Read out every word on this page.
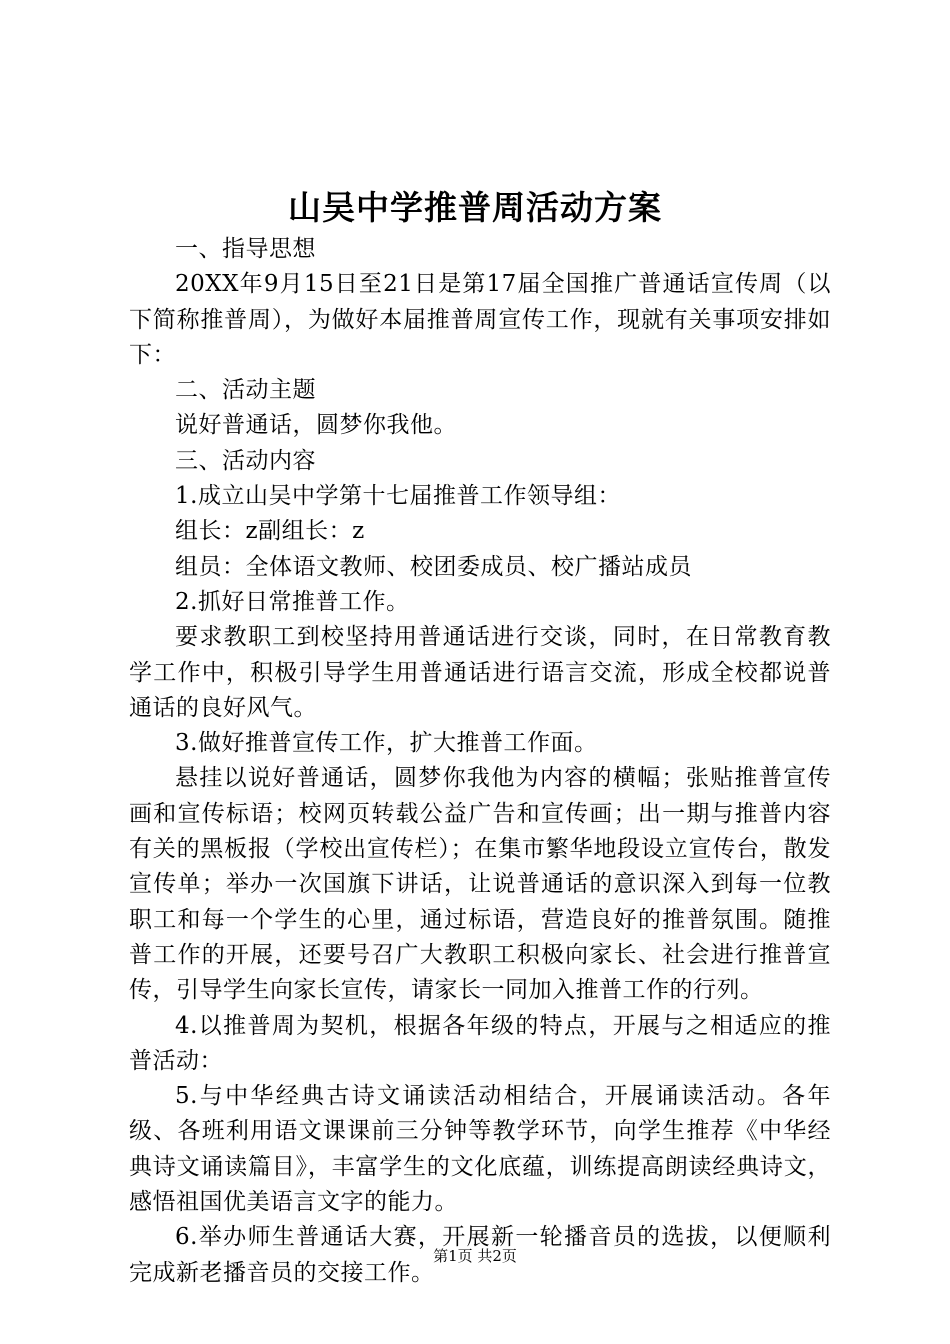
山吴中学推普周活动方案

一、指导思想

20XX年9月15日至21日是第17届全国推广普通话宣传周（以下简称推普周），为做好本届推普周宣传工作，现就有关事项安排如下：

二、活动主题

说好普通话，圆梦你我他。

三、活动内容

1.成立山吴中学第十七届推普工作领导组：

组长：z副组长：z

组员：全体语文教师、校团委成员、校广播站成员

2.抓好日常推普工作。

要求教职工到校坚持用普通话进行交谈，同时，在日常教育教学工作中，积极引导学生用普通话进行语言交流，形成全校都说普通话的良好风气。

3.做好推普宣传工作，扩大推普工作面。

悬挂以说好普通话，圆梦你我他为内容的横幅；张贴推普宣传画和宣传标语；校网页转载公益广告和宣传画；出一期与推普内容有关的黑板报（学校出宣传栏）；在集市繁华地段设立宣传台，散发宣传单；举办一次国旗下讲话，让说普通话的意识深入到每一位教职工和每一个学生的心里，通过标语，营造良好的推普氛围。随推普工作的开展，还要号召广大教职工积极向家长、社会进行推普宣传，引导学生向家长宣传，请家长一同加入推普工作的行列。

4.以推普周为契机，根据各年级的特点，开展与之相适应的推普活动：

5.与中华经典古诗文诵读活动相结合，开展诵读活动。各年级、各班利用语文课课前三分钟等教学环节，向学生推荐《中华经典诗文诵读篇目》，丰富学生的文化底蕴，训练提高朗读经典诗文，感悟祖国优美语言文字的能力。

6.举办师生普通话大赛，开展新一轮播音员的选拔，以便顺利完成新老播音员的交接工作。

第1页 共2页
